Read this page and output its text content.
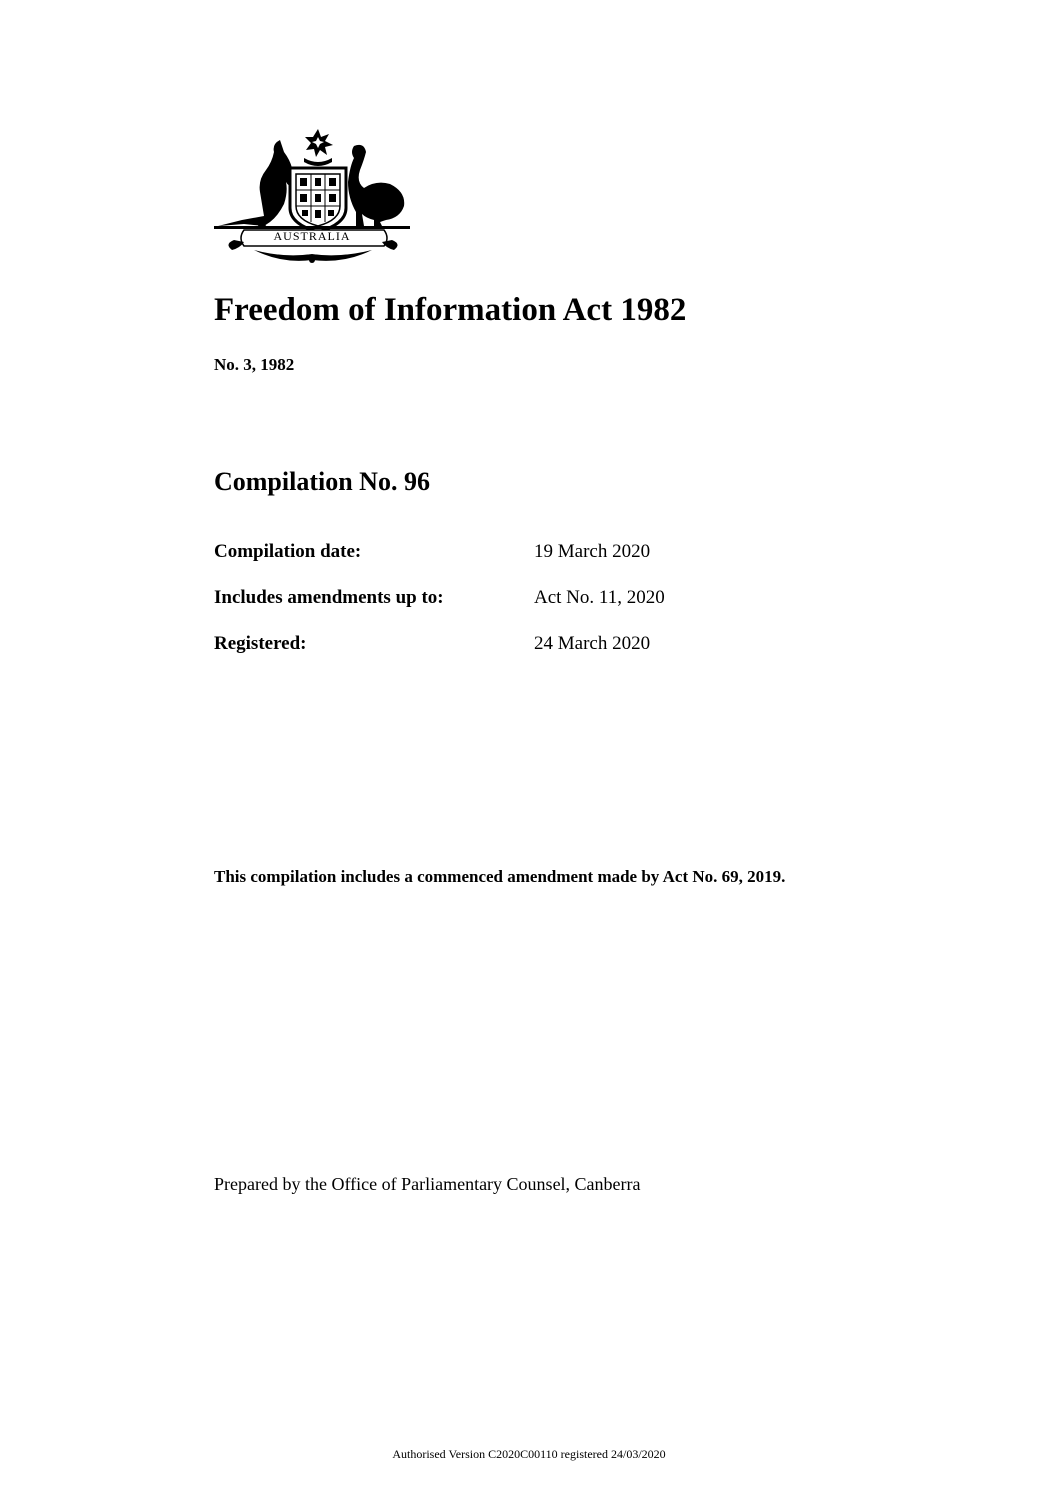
AUSTRALIA
Freedom of Information Act 1982
No. 3, 1982
Compilation No. 96
Compilation date:	19 March 2020
Includes amendments up to:	Act No. 11, 2020
Registered:	24 March 2020

This compilation includes a commenced amendment made by Act No. 69, 2019.

Prepared by the Office of Parliamentary Counsel, Canberra

Authorised Version C2020C00110 registered 24/03/2020
